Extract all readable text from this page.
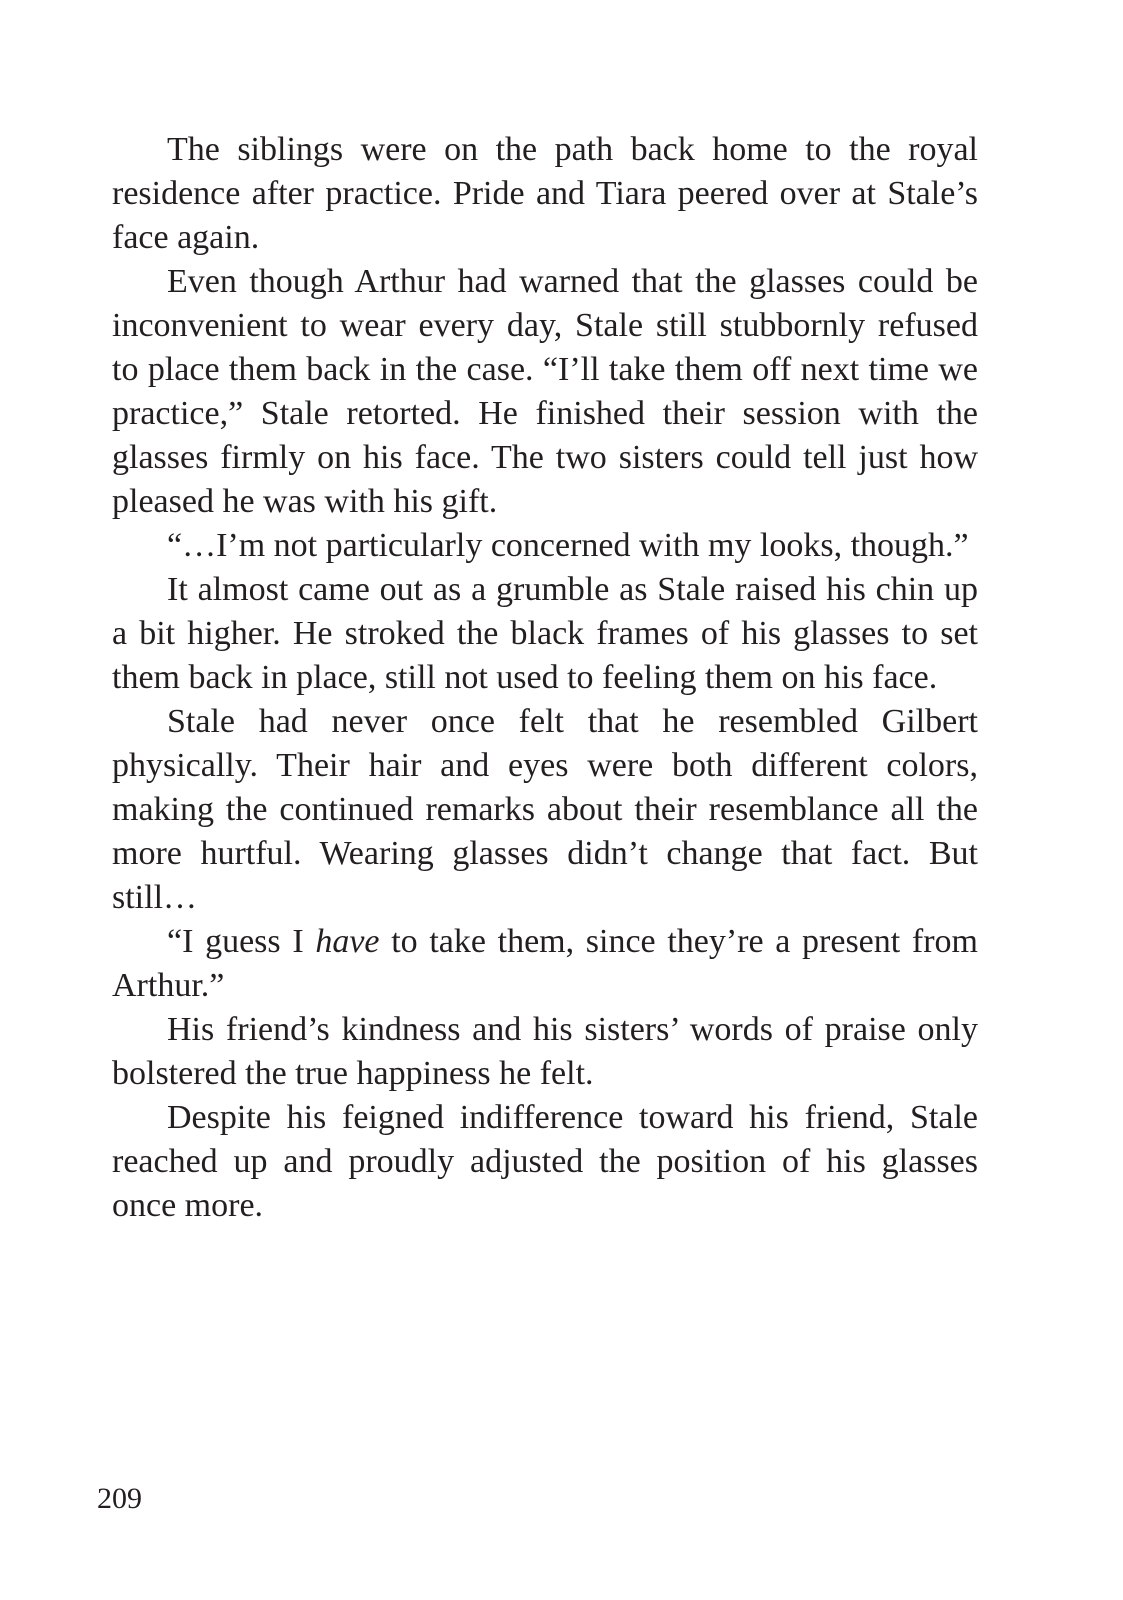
The siblings were on the path back home to the royal residence after practice. Pride and Tiara peered over at Stale’s face again.

Even though Arthur had warned that the glasses could be inconvenient to wear every day, Stale still stubbornly refused to place them back in the case. “I’ll take them off next time we practice,” Stale retorted. He finished their session with the glasses firmly on his face. The two sisters could tell just how pleased he was with his gift.

“…I’m not particularly concerned with my looks, though.”

It almost came out as a grumble as Stale raised his chin up a bit higher. He stroked the black frames of his glasses to set them back in place, still not used to feeling them on his face.

Stale had never once felt that he resembled Gilbert physically. Their hair and eyes were both different colors, making the continued remarks about their resemblance all the more hurtful. Wearing glasses didn’t change that fact. But still…

“I guess I have to take them, since they’re a present from Arthur.”

His friend’s kindness and his sisters’ words of praise only bolstered the true happiness he felt.

Despite his feigned indifference toward his friend, Stale reached up and proudly adjusted the position of his glasses once more.

209
